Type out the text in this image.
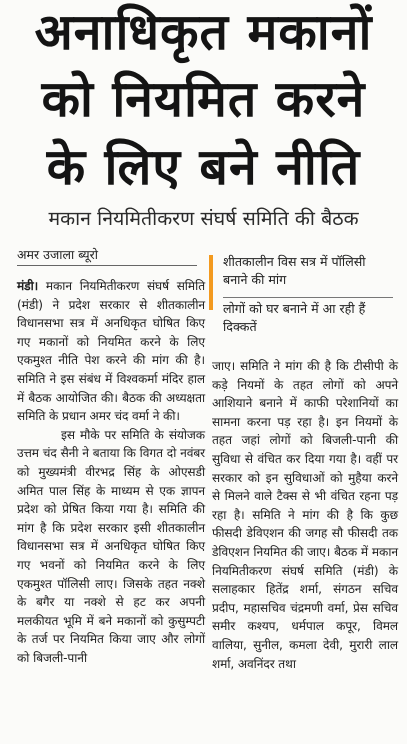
अनाधिकृत मकानों
को नियमित करने
के लिए बने नीति
मकान नियमितीकरण संघर्ष समिति की बैठक
अमर उजाला ब्यूरो	शीतकालीन विस सत्र में पॉलिसी बनाने की मांग
लोगों को घर बनाने में आ रही हैं दिक्कतें

मंडी। मकान नियमितीकरण संघर्ष समिति (मंडी) ने प्रदेश सरकार से शीतकालीन विधानसभा सत्र में अनधिकृत घोषित किए गए मकानों को नियमित करने के लिए एकमुश्त नीति पेश करने की मांग की है। समिति ने इस संबंध में विश्वकर्मा मंदिर हाल में बैठक आयोजित की। बैठक की अध्यक्षता समिति के प्रधान अमर चंद वर्मा ने की।

इस मौके पर समिति के संयोजक उत्तम चंद सैनी ने बताया कि विगत दो नवंबर को मुख्यमंत्री वीरभद्र सिंह के ओएसडी अमित पाल सिंह के माध्यम से एक ज्ञापन प्रदेश को प्रेषित किया गया है। समिति की मांग है कि प्रदेश सरकार इसी शीतकालीन विधानसभा सत्र में अनधिकृत घोषित किए गए भवनों को नियमित करने के लिए एकमुश्त पॉलिसी लाए। जिसके तहत नक्शे के बगैर या नक्शे से हट कर अपनी मलकीयत भूमि में बने मकानों को कुसुम्पटी के तर्ज पर नियमित किया जाए और लोगों को बिजली-पानी

जाए। समिति ने मांग की है कि टीसीपी के कड़े नियमों के तहत लोगों को अपने आशियाने बनाने में काफी परेशानियों का सामना करना पड़ रहा है। इन नियमों के तहत जहां लोगों को बिजली-पानी की सुविधा से वंचित कर दिया गया है। वहीं पर सरकार को इन सुविधाओं को मुहैया करने से मिलने वाले टैक्स से भी वंचित रहना पड़ रहा है। समिति ने मांग की है कि कुछ फीसदी डेविएशन की जगह सौ फीसदी तक डेविएशन नियमित की जाए। बैठक में मकान नियमितीकरण संघर्ष समिति (मंडी) के सलाहकार हितेंद्र शर्मा, संगठन सचिव प्रदीप, महासचिव चंद्रमणी वर्मा, प्रेस सचिव समीर कश्यप, धर्मपाल कपूर, विमल वालिया, सुनील, कमला देवी, मुरारी लाल शर्मा, अवनिंदर तथा
